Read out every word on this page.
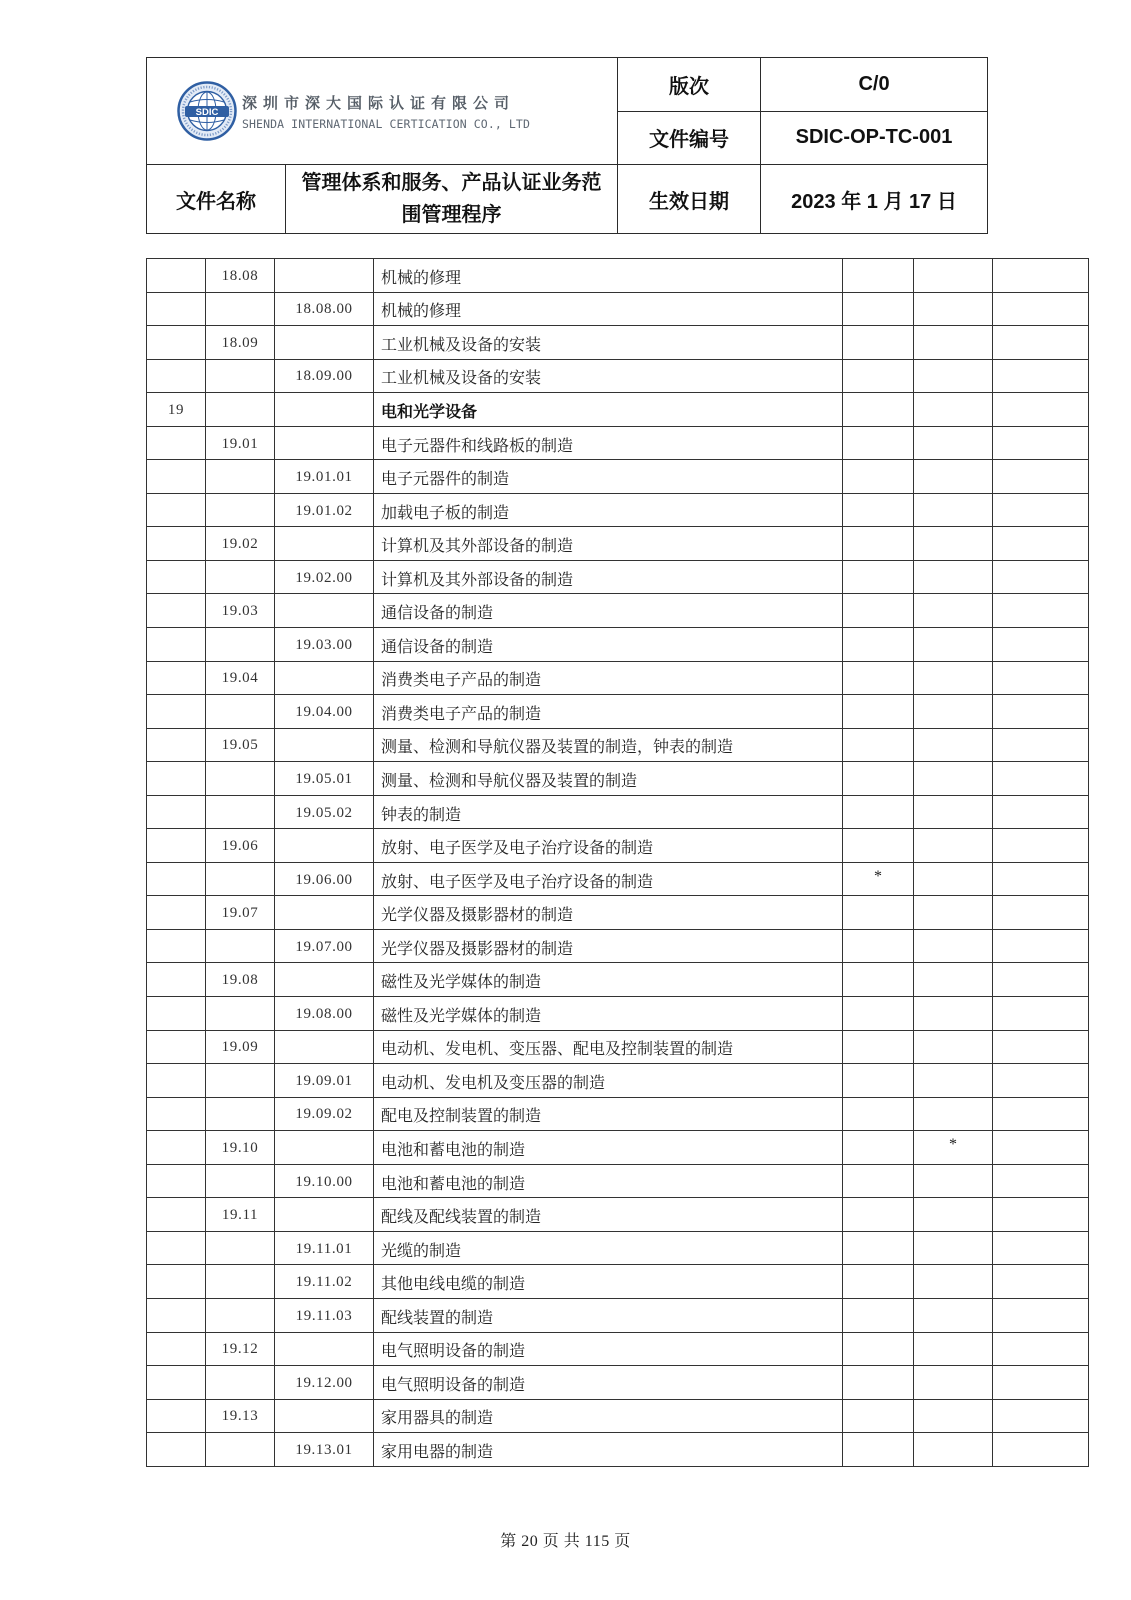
SDIC
深圳市深大国际认证有限公司
SHENDA INTERNATIONAL CERTICATION CO., LTD		版次	C/0
		文件编号	SDIC-OP-TC-001
文件名称	管理体系和服务、产品认证业务范围管理程序	生效日期	2023 年 1 月 17 日
	18.08		机械的修理			
		18.08.00	机械的修理			
	18.09		工业机械及设备的安装			
		18.09.00	工业机械及设备的安装			
19			电和光学设备			
	19.01		电子元器件和线路板的制造			
		19.01.01	电子元器件的制造			
		19.01.02	加载电子板的制造			
	19.02		计算机及其外部设备的制造			
		19.02.00	计算机及其外部设备的制造			
	19.03		通信设备的制造			
		19.03.00	通信设备的制造			
	19.04		消费类电子产品的制造			
		19.04.00	消费类电子产品的制造			
	19.05		测量、检测和导航仪器及装置的制造，钟表的制造			
		19.05.01	测量、检测和导航仪器及装置的制造			
		19.05.02	钟表的制造			
	19.06		放射、电子医学及电子治疗设备的制造			
		19.06.00	放射、电子医学及电子治疗设备的制造	*		
	19.07		光学仪器及摄影器材的制造			
		19.07.00	光学仪器及摄影器材的制造			
	19.08		磁性及光学媒体的制造			
		19.08.00	磁性及光学媒体的制造			
	19.09		电动机、发电机、变压器、配电及控制装置的制造			
		19.09.01	电动机、发电机及变压器的制造			
		19.09.02	配电及控制装置的制造			
	19.10		电池和蓄电池的制造		*	
		19.10.00	电池和蓄电池的制造			
	19.11		配线及配线装置的制造			
		19.11.01	光缆的制造			
		19.11.02	其他电线电缆的制造			
		19.11.03	配线装置的制造			
	19.12		电气照明设备的制造			
		19.12.00	电气照明设备的制造			
	19.13		家用器具的制造			
		19.13.01	家用电器的制造			
第 20 页 共 115 页
